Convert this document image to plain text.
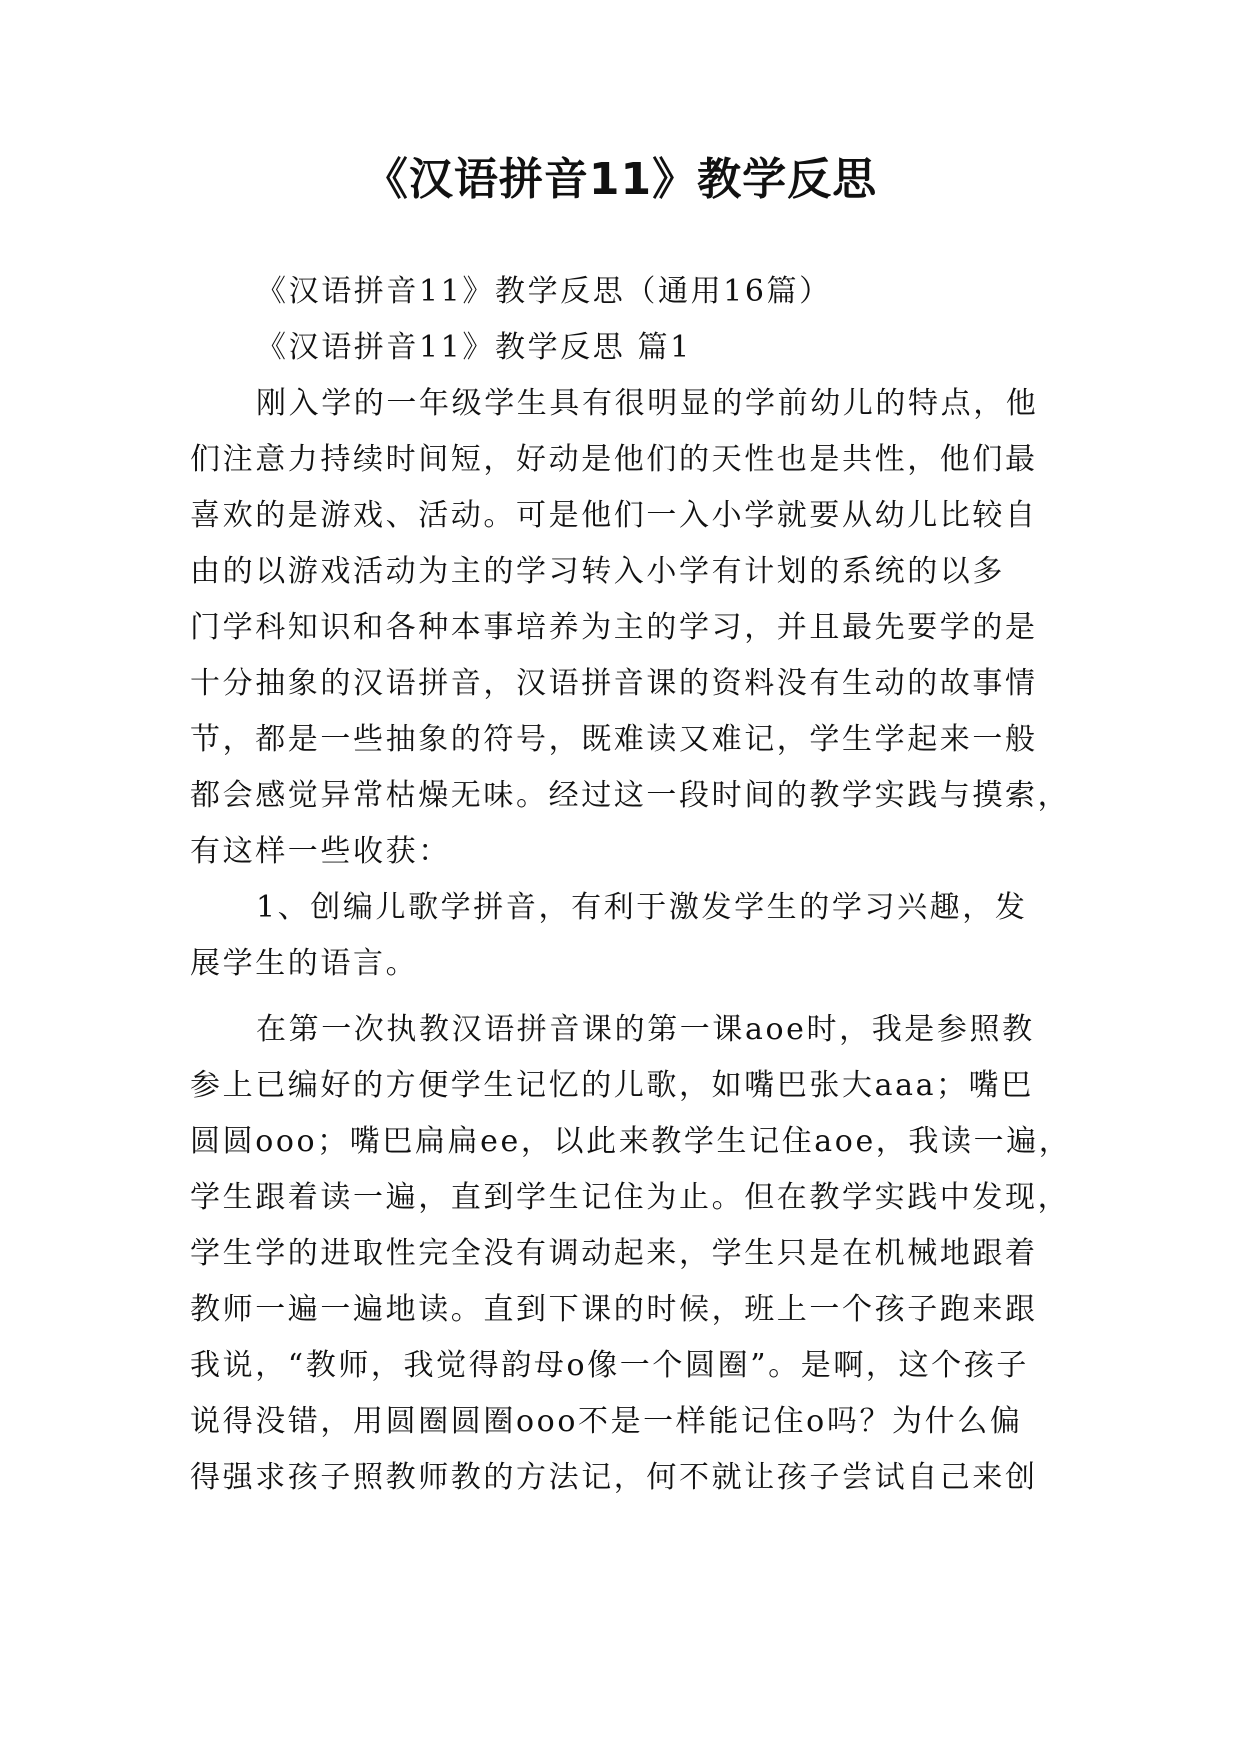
《汉语拼音11》教学反思

《汉语拼音11》教学反思（通用16篇）

《汉语拼音11》教学反思 篇1

刚入学的一年级学生具有很明显的学前幼儿的特点，他

们注意力持续时间短，好动是他们的天性也是共性，他们最

喜欢的是游戏、活动。可是他们一入小学就要从幼儿比较自

由的以游戏活动为主的学习转入小学有计划的系统的以多

门学科知识和各种本事培养为主的学习，并且最先要学的是

十分抽象的汉语拼音，汉语拼音课的资料没有生动的故事情

节，都是一些抽象的符号，既难读又难记，学生学起来一般

都会感觉异常枯燥无味。经过这一段时间的教学实践与摸索，

有这样一些收获：

1、创编儿歌学拼音，有利于激发学生的学习兴趣，发

展学生的语言。

在第一次执教汉语拼音课的第一课aoe时，我是参照教

参上已编好的方便学生记忆的儿歌，如嘴巴张大aaa；嘴巴

圆圆ooo；嘴巴扁扁ee，以此来教学生记住aoe，我读一遍，

学生跟着读一遍，直到学生记住为止。但在教学实践中发现，

学生学的进取性完全没有调动起来，学生只是在机械地跟着

教师一遍一遍地读。直到下课的时候，班上一个孩子跑来跟

我说，“教师，我觉得韵母o像一个圆圈”。是啊，这个孩子

说得没错，用圆圈圆圈ooo不是一样能记住o吗？为什么偏

得强求孩子照教师教的方法记，何不就让孩子尝试自己来创
